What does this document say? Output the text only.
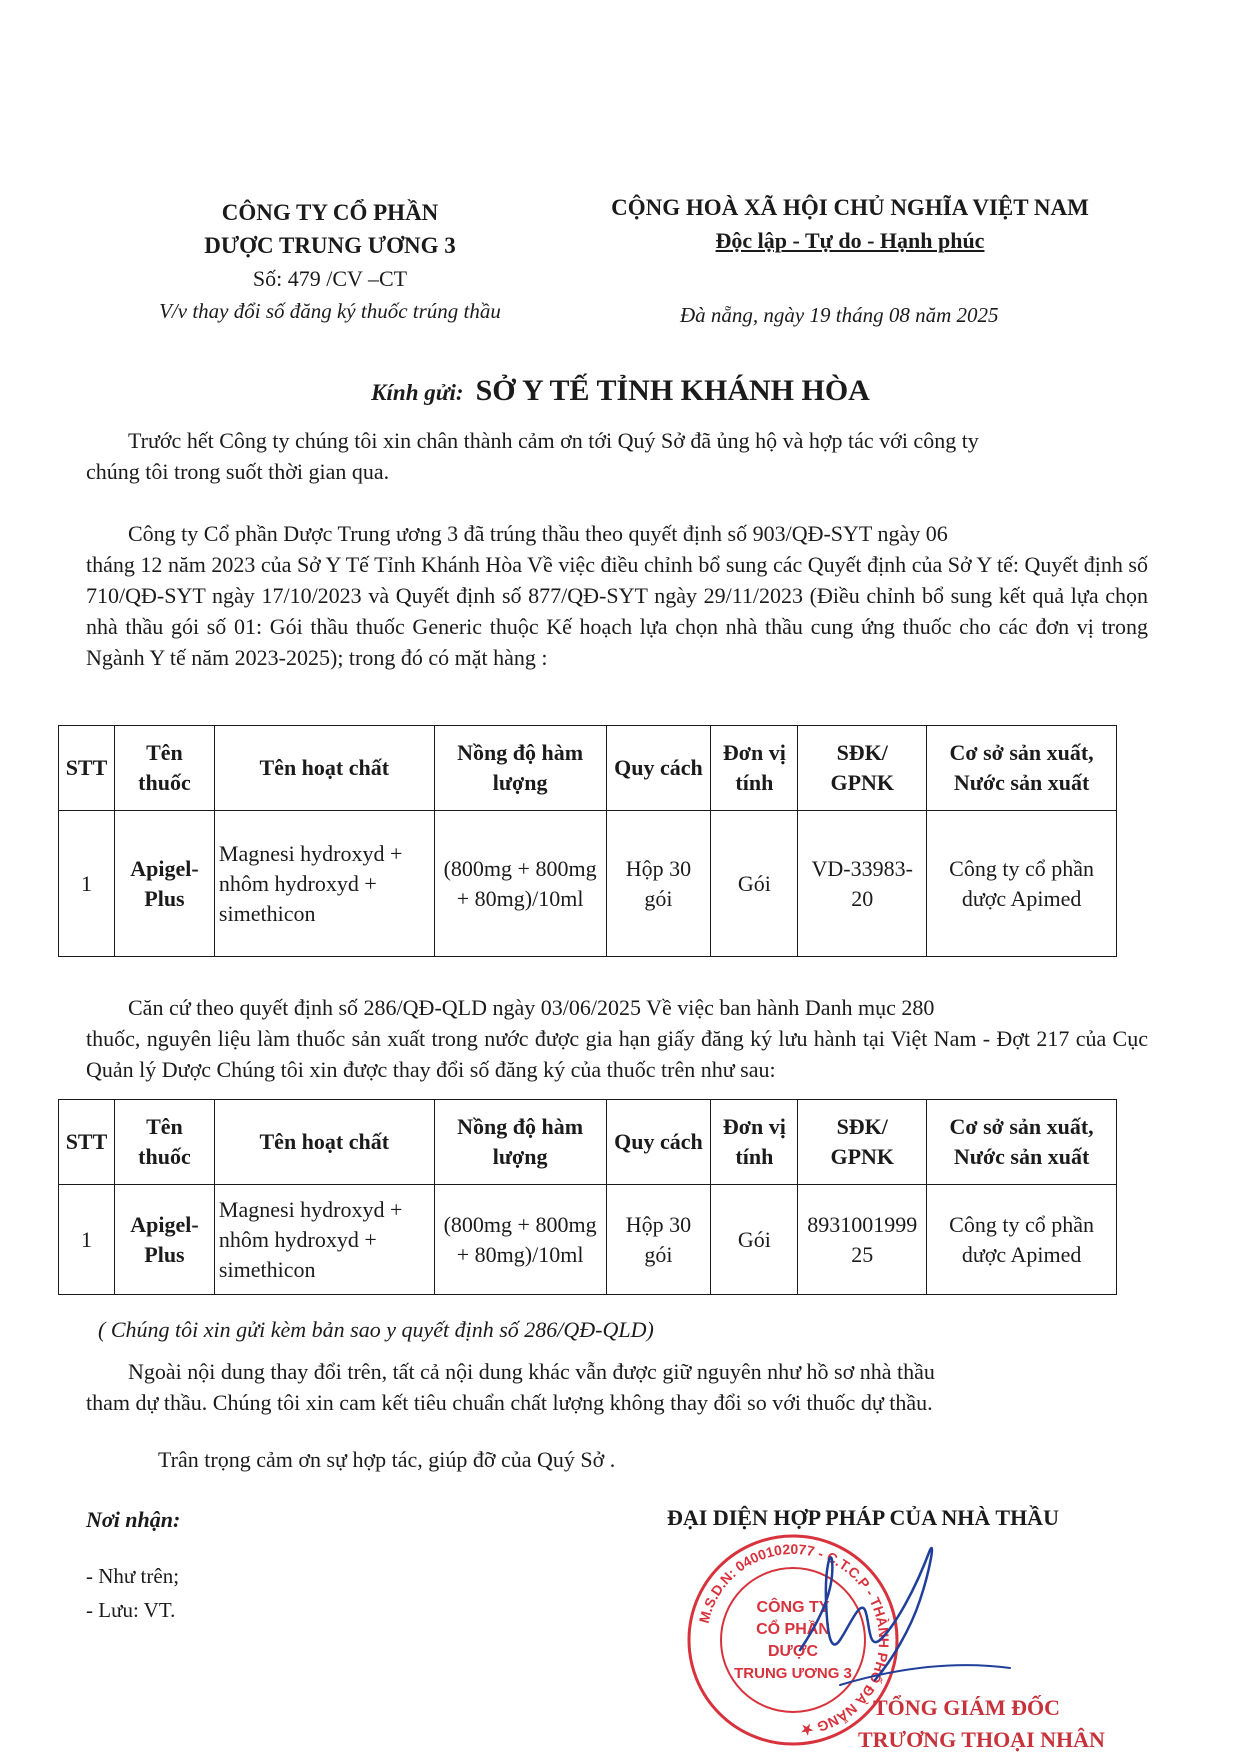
CÔNG TY CỔ PHẦN
DƯỢC TRUNG ƯƠNG 3
Số: 479 /CV –CT
V/v thay đổi số đăng ký thuốc trúng thầu
CỘNG HOÀ XÃ HỘI CHỦ NGHĨA VIỆT NAM
Độc lập - Tự do - Hạnh phúc
Đà nẵng, ngày 19 tháng 08 năm 2025
Kính gửi: SỞ Y TẾ TỈNH KHÁNH HÒA
Trước hết Công ty chúng tôi xin chân thành cảm ơn tới Quý Sở đã ủng hộ và hợp tác với công ty
chúng tôi trong suốt thời gian qua.
Công ty Cổ phần Dược Trung ương 3 đã trúng thầu theo quyết định số 903/QĐ-SYT ngày 06
tháng 12 năm 2023 của Sở Y Tế Tỉnh Khánh Hòa Về việc điều chỉnh bổ sung các Quyết định của Sở Y tế: Quyết định số 710/QĐ-SYT ngày 17/10/2023 và Quyết định số 877/QĐ-SYT ngày 29/11/2023 (Điều chỉnh bổ sung kết quả lựa chọn nhà thầu gói số 01: Gói thầu thuốc Generic thuộc Kế hoạch lựa chọn nhà thầu cung ứng thuốc cho các đơn vị trong Ngành Y tế năm 2023-2025); trong đó có mặt hàng :
STT	Tên thuốc	Tên hoạt chất	Nồng độ hàm lượng	Quy cách	Đơn vị tính	SĐK/ GPNK	Cơ sở sản xuất, Nước sản xuất
1	Apigel-Plus	Magnesi hydroxyd + nhôm hydroxyd + simethicon	(800mg + 800mg + 80mg)/10ml	Hộp 30 gói	Gói	VD-33983-20	Công ty cổ phần dược Apimed
Căn cứ theo quyết định số 286/QĐ-QLD ngày 03/06/2025 Về việc ban hành Danh mục 280
thuốc, nguyên liệu làm thuốc sản xuất trong nước được gia hạn giấy đăng ký lưu hành tại Việt Nam - Đợt 217 của Cục Quản lý Dược Chúng tôi xin được thay đổi số đăng ký của thuốc trên như sau:
STT	Tên thuốc	Tên hoạt chất	Nồng độ hàm lượng	Quy cách	Đơn vị tính	SĐK/ GPNK	Cơ sở sản xuất, Nước sản xuất
1	Apigel-Plus	Magnesi hydroxyd + nhôm hydroxyd + simethicon	(800mg + 800mg + 80mg)/10ml	Hộp 30 gói	Gói	893100199925	Công ty cổ phần dược Apimed
( Chúng tôi xin gửi kèm bản sao y quyết định số 286/QĐ-QLD)
Ngoài nội dung thay đổi trên, tất cả nội dung khác vẫn được giữ nguyên như hồ sơ nhà thầu
tham dự thầu. Chúng tôi xin cam kết tiêu chuẩn chất lượng không thay đổi so với thuốc dự thầu.
Trân trọng cảm ơn sự hợp tác, giúp đỡ của Quý Sở .
Nơi nhận:
- Như trên;
- Lưu: VT.
ĐẠI DIỆN HỢP PHÁP CỦA NHÀ THẦU
M.S.D.N: 0400102077 - C.T.C.P - THÀNH PHỐ ĐÀ NẴNG ★
CÔNG TY
CỔ PHẦN
DƯỢC
TRUNG ƯƠNG 3
TỔNG GIÁM ĐỐC
TRƯƠNG THOẠI NHÂN
